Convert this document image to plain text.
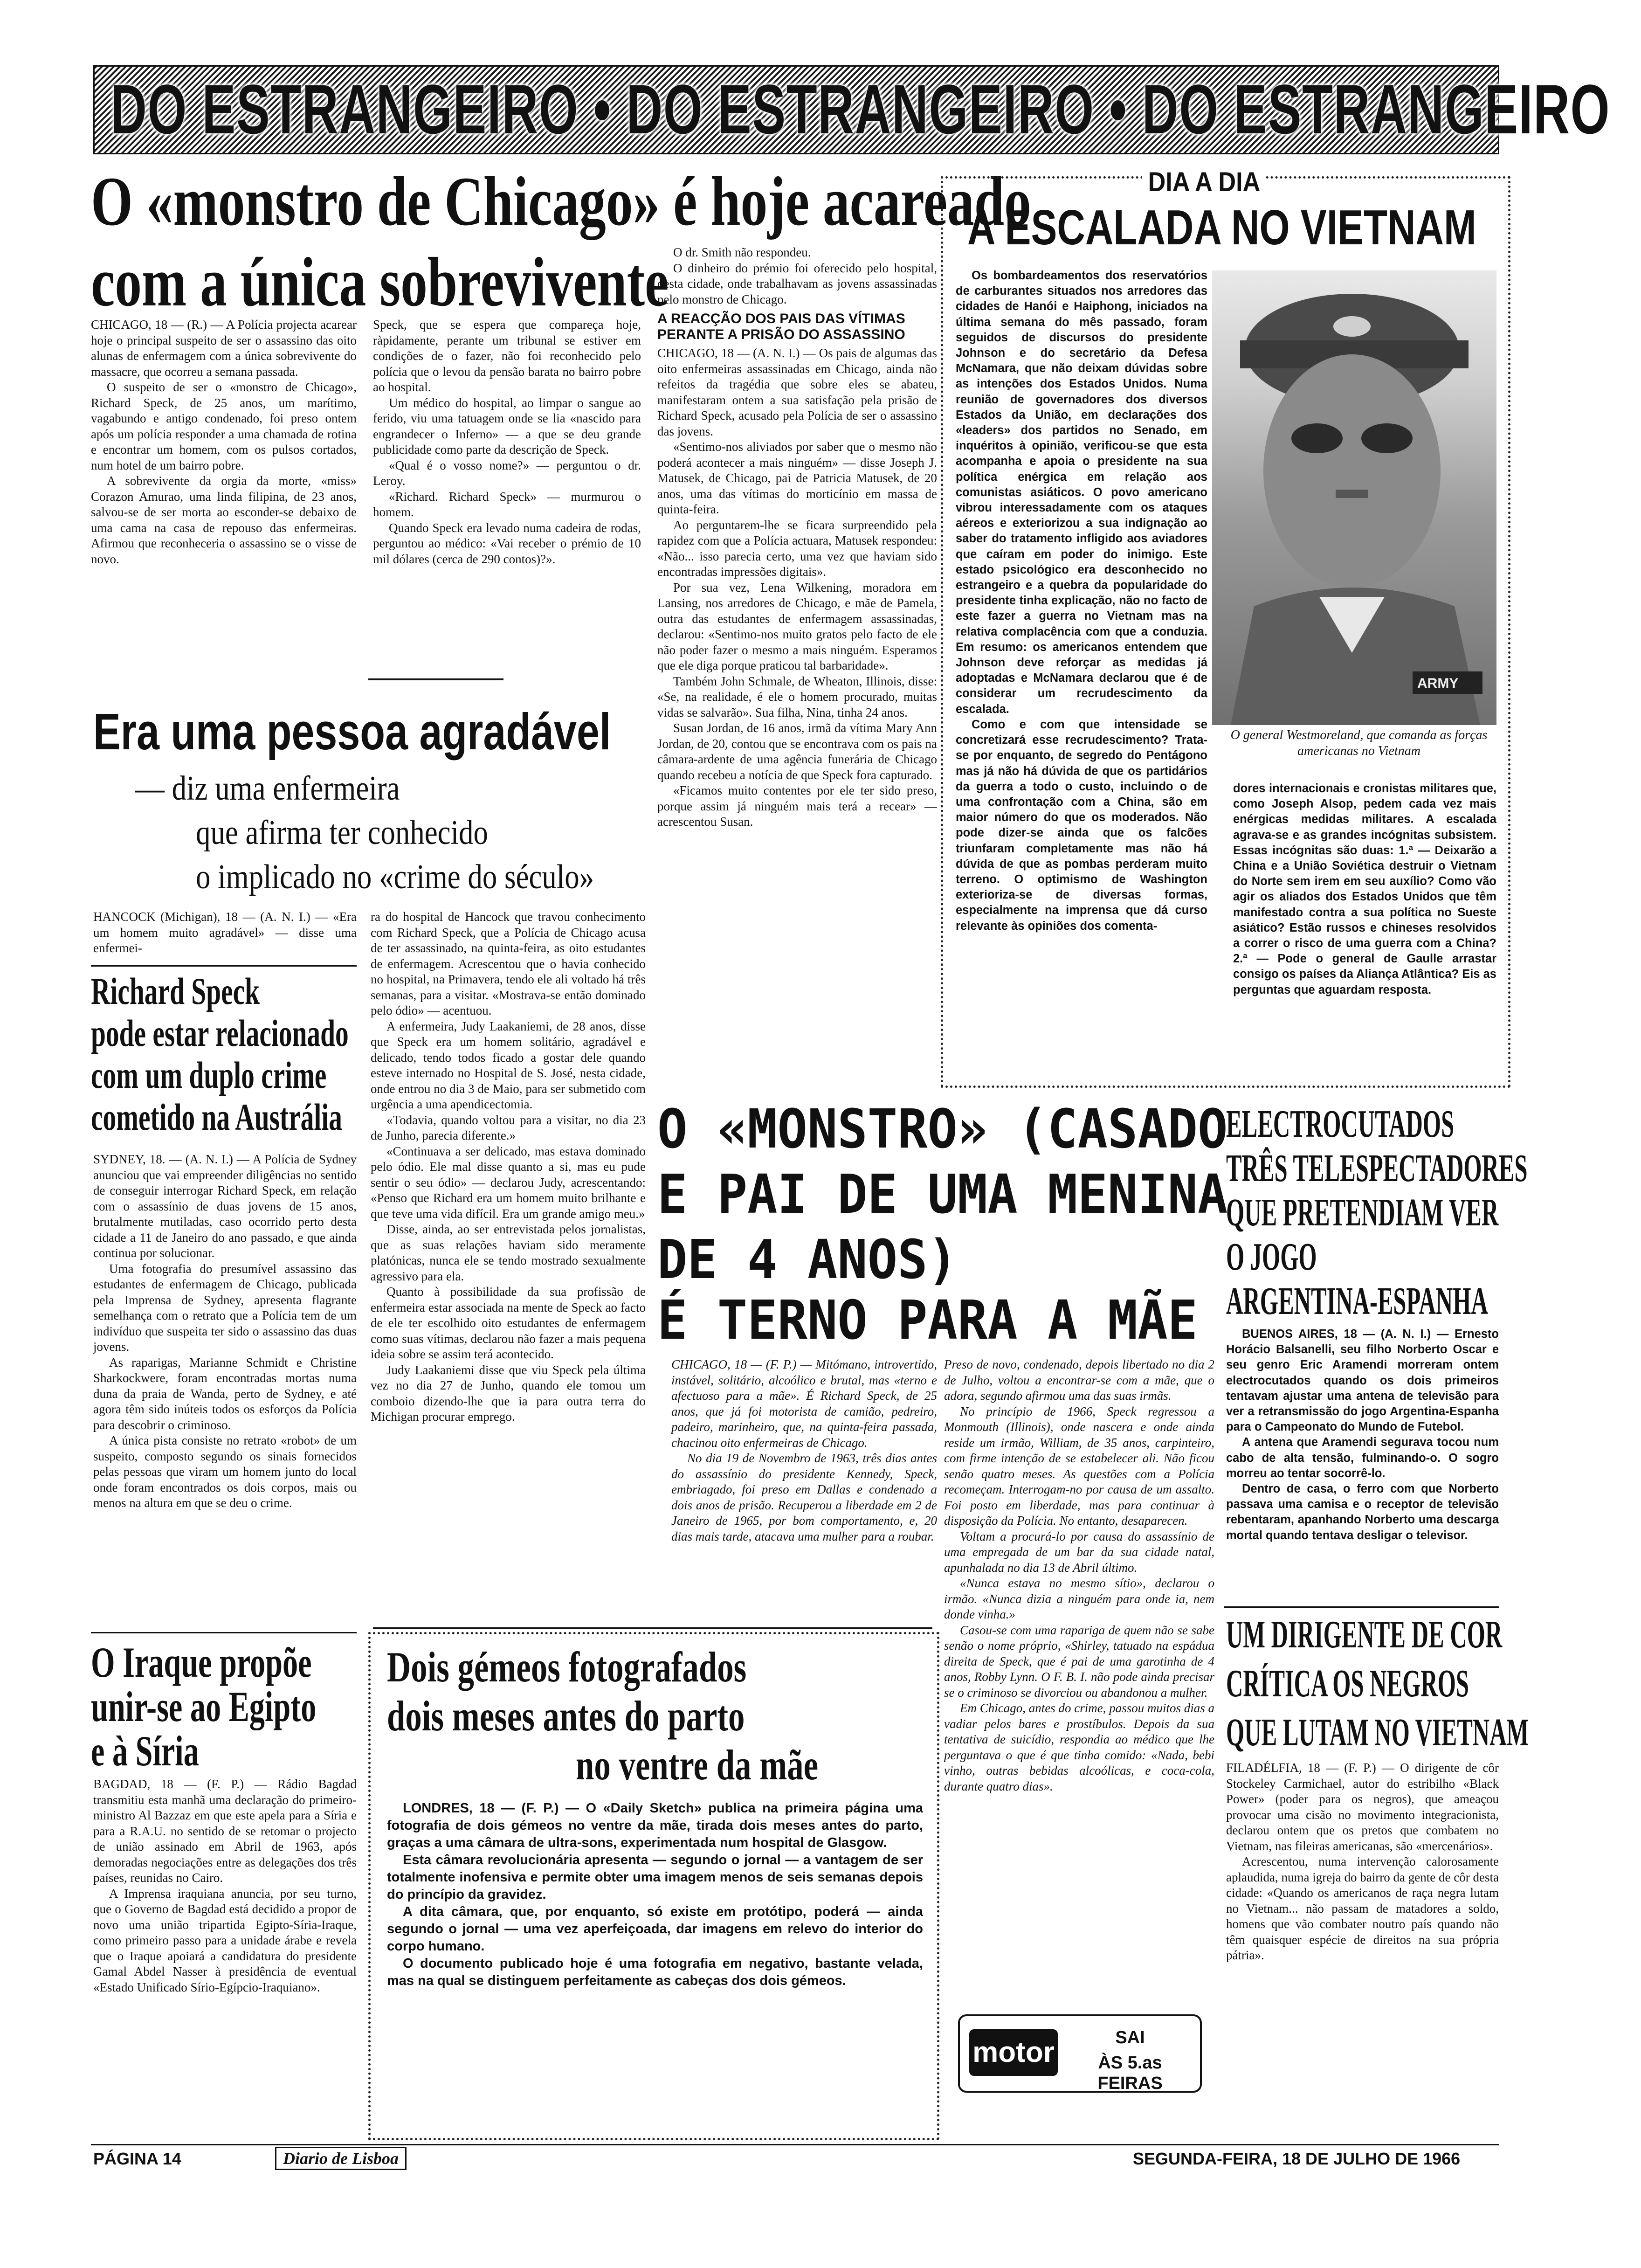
DO ESTRANGEIRO • DO ESTRANGEIRO • DO ESTRANGEIRO
O «monstro de Chicago» é hoje acareado
com a única sobrevivente

CHICAGO, 18 — (R.) — A Polícia projecta acarear hoje o principal suspeito de ser o assassino das oito alunas de enfermagem com a única sobrevivente do massacre, que ocorreu a semana passada.

O suspeito de ser o «monstro de Chicago», Richard Speck, de 25 anos, um marítimo, vagabundo e antigo condenado, foi preso ontem após um polícia responder a uma chamada de rotina e encontrar um homem, com os pulsos cortados, num hotel de um bairro pobre.

A sobrevivente da orgia da morte, «miss» Corazon Amurao, uma linda filipina, de 23 anos, salvou-se de ser morta ao esconder-se debaixo de uma cama na casa de repouso das enfermeiras. Afirmou que reconheceria o assassino se o visse de novo.

Speck, que se espera que compareça hoje, ràpidamente, perante um tribunal se estiver em condições de o fazer, não foi reconhecido pelo polícia que o levou da pensão barata no bairro pobre ao hospital.

Um médico do hospital, ao limpar o sangue ao ferido, viu uma tatuagem onde se lia «nascido para engrandecer o Inferno» — a que se deu grande publicidade como parte da descrição de Speck.

«Qual é o vosso nome?» — perguntou o dr. Leroy.

«Richard. Richard Speck» — murmurou o homem.

Quando Speck era levado numa cadeira de rodas, perguntou ao médico: «Vai receber o prémio de 10 mil dólares (cerca de 290 contos)?».

O dr. Smith não respondeu.

O dinheiro do prémio foi oferecido pelo hospital, desta cidade, onde trabalhavam as jovens assassinadas pelo monstro de Chicago.

A REACÇÃO DOS PAIS DAS VÍTIMAS PERANTE A PRISÃO DO ASSASSINO

CHICAGO, 18 — (A. N. I.) — Os pais de algumas das oito enfermeiras assassinadas em Chicago, ainda não refeitos da tragédia que sobre eles se abateu, manifestaram ontem a sua satisfação pela prisão de Richard Speck, acusado pela Polícia de ser o assassino das jovens.

«Sentimo-nos aliviados por saber que o mesmo não poderá acontecer a mais ninguém» — disse Joseph J. Matusek, de Chicago, pai de Patricia Matusek, de 20 anos, uma das vítimas do morticínio em massa de quinta-feira.

Ao perguntarem-lhe se ficara surpreendido pela rapidez com que a Polícia actuara, Matusek respondeu: «Não... isso parecia certo, uma vez que haviam sido encontradas impressões digitais».

Por sua vez, Lena Wilkening, moradora em Lansing, nos arredores de Chicago, e mãe de Pamela, outra das estudantes de enfermagem assassinadas, declarou: «Sentimo-nos muito gratos pelo facto de ele não poder fazer o mesmo a mais ninguém. Esperamos que ele diga porque praticou tal barbaridade».

Também John Schmale, de Wheaton, Illinois, disse: «Se, na realidade, é ele o homem procurado, muitas vidas se salvarão». Sua filha, Nina, tinha 24 anos.

Susan Jordan, de 16 anos, irmã da vítima Mary Ann Jordan, de 20, contou que se encontrava com os pais na câmara-ardente de uma agência funerária de Chicago quando recebeu a notícia de que Speck fora capturado.

«Ficamos muito contentes por ele ter sido preso, porque assim já ninguém mais terá a recear» — acrescentou Susan.

Era uma pessoa agradável
— diz uma enfermeira
que afirma ter conhecido
o implicado no «crime do século»

HANCOCK (Michigan), 18 — (A. N. I.) — «Era um homem muito agradável» — disse uma enfermei-

ra do hospital de Hancock que travou conhecimento com Richard Speck, que a Polícia de Chicago acusa de ter assassinado, na quinta-feira, as oito estudantes de enfermagem. Acrescentou que o havia conhecido no hospital, na Primavera, tendo ele ali voltado há três semanas, para a visitar. «Mostrava-se então dominado pelo ódio» — acentuou.

A enfermeira, Judy Laakaniemi, de 28 anos, disse que Speck era um homem solitário, agradável e delicado, tendo todos ficado a gostar dele quando esteve internado no Hospital de S. José, nesta cidade, onde entrou no dia 3 de Maio, para ser submetido com urgência a uma apendicectomia.

«Todavia, quando voltou para a visitar, no dia 23 de Junho, parecia diferente.»

«Continuava a ser delicado, mas estava dominado pelo ódio. Ele mal disse quanto a si, mas eu pude sentir o seu ódio» — declarou Judy, acrescentando: «Penso que Richard era um homem muito brilhante e que teve uma vida difícil. Era um grande amigo meu.»

Disse, ainda, ao ser entrevistada pelos jornalistas, que as suas relações haviam sido meramente platónicas, nunca ele se tendo mostrado sexualmente agressivo para ela.

Quanto à possibilidade da sua profissão de enfermeira estar associada na mente de Speck ao facto de ele ter escolhido oito estudantes de enfermagem como suas vítimas, declarou não fazer a mais pequena ideia sobre se assim terá acontecido.

Judy Laakaniemi disse que viu Speck pela última vez no dia 27 de Junho, quando ele tomou um comboio dizendo-lhe que ia para outra terra do Michigan procurar emprego.

Richard Speck
pode estar relacionado
com um duplo crime
cometido na Austrália

SYDNEY, 18. — (A. N. I.) — A Polícia de Sydney anunciou que vai empreender diligências no sentido de conseguir interrogar Richard Speck, em relação com o assassínio de duas jovens de 15 anos, brutalmente mutiladas, caso ocorrido perto desta cidade a 11 de Janeiro do ano passado, e que ainda continua por solucionar.

Uma fotografia do presumível assassino das estudantes de enfermagem de Chicago, publicada pela Imprensa de Sydney, apresenta flagrante semelhança com o retrato que a Polícia tem de um indivíduo que suspeita ter sido o assassino das duas jovens.

As raparigas, Marianne Schmidt e Christine Sharkockwere, foram encontradas mortas numa duna da praia de Wanda, perto de Sydney, e até agora têm sido inúteis todos os esforços da Polícia para descobrir o criminoso.

A única pista consiste no retrato «robot» de um suspeito, composto segundo os sinais fornecidos pelas pessoas que viram um homem junto do local onde foram encontrados os dois corpos, mais ou menos na altura em que se deu o crime.

O Iraque propõe
unir-se ao Egipto
e à Síria

BAGDAD, 18 — (F. P.) — Rádio Bagdad transmitiu esta manhã uma declaração do primeiro-ministro Al Bazzaz em que este apela para a Síria e para a R.A.U. no sentido de se retomar o projecto de união assinado em Abril de 1963, após demoradas negociações entre as delegações dos três países, reunidas no Cairo.

A Imprensa iraquiana anuncia, por seu turno, que o Governo de Bagdad está decidido a propor de novo uma união tripartida Egipto-Síria-Iraque, como primeiro passo para a unidade árabe e revela que o Iraque apoiará a candidatura do presidente Gamal Abdel Nasser à presidência de eventual «Estado Unificado Sírio-Egípcio-Iraquiano».

Dois gémeos fotografados
dois meses antes do parto
no ventre da mãe

LONDRES, 18 — (F. P.) — O «Daily Sketch» publica na primeira página uma fotografia de dois gémeos no ventre da mãe, tirada dois meses antes do parto, graças a uma câmara de ultra-sons, experimentada num hospital de Glasgow.

Esta câmara revolucionária apresenta — segundo o jornal — a vantagem de ser totalmente inofensiva e permite obter uma imagem menos de seis semanas depois do princípio da gravidez.

A dita câmara, que, por enquanto, só existe em protótipo, poderá — ainda segundo o jornal — uma vez aperfeiçoada, dar imagens em relevo do interior do corpo humano.

O documento publicado hoje é uma fotografia em negativo, bastante velada, mas na qual se distinguem perfeitamente as cabeças dos dois gémeos.

DIA A DIA
A ESCALADA NO VIETNAM

Os bombardeamentos dos reservatórios de carburantes situados nos arredores das cidades de Hanói e Haiphong, iniciados na última semana do mês passado, foram seguidos de discursos do presidente Johnson e do secretário da Defesa McNamara, que não deixam dúvidas sobre as intenções dos Estados Unidos. Numa reunião de governadores dos diversos Estados da União, em declarações dos «leaders» dos partidos no Senado, em inquéritos à opinião, verificou-se que esta acompanha e apoia o presidente na sua política enérgica em relação aos comunistas asiáticos. O povo americano vibrou interessadamente com os ataques aéreos e exteriorizou a sua indignação ao saber do tratamento infligido aos aviadores que caíram em poder do inimigo. Este estado psicológico era desconhecido no estrangeiro e a quebra da popularidade do presidente tinha explicação, não no facto de este fazer a guerra no Vietnam mas na relativa complacência com que a conduzia. Em resumo: os americanos entendem que Johnson deve reforçar as medidas já adoptadas e McNamara declarou que é de considerar um recrudescimento da escalada.

Como e com que intensidade se concretizará esse recrudescimento? Trata-se por enquanto, de segredo do Pentágono mas já não há dúvida de que os partidários da guerra a todo o custo, incluindo o de uma confrontação com a China, são em maior número do que os moderados. Não pode dizer-se ainda que os falcões triunfaram completamente mas não há dúvida de que as pombas perderam muito terreno. O optimismo de Washington exterioriza-se de diversas formas, especialmente na imprensa que dá curso relevante às opiniões dos comenta-

ARMY
O general Westmoreland, que comanda as forças americanas no Vietnam

dores internacionais e cronistas militares que, como Joseph Alsop, pedem cada vez mais enérgicas medidas militares. A escalada agrava-se e as grandes incógnitas subsistem. Essas incógnitas são duas: 1.ª — Deixarão a China e a União Soviética destruir o Vietnam do Norte sem irem em seu auxílio? Como vão agir os aliados dos Estados Unidos que têm manifestado contra a sua política no Sueste asiático? Estão russos e chineses resolvidos a correr o risco de uma guerra com a China? 2.ª — Pode o general de Gaulle arrastar consigo os países da Aliança Atlântica? Eis as perguntas que aguardam resposta.

O «MONSTRO» (CASADO
E PAI DE UMA MENINA
DE 4 ANOS)
É TERNO PARA A MÃE

CHICAGO, 18 — (F. P.) — Mitómano, introvertido, instável, solitário, alcoólico e brutal, mas «terno e afectuoso para a mãe». É Richard Speck, de 25 anos, que já foi motorista de camião, pedreiro, padeiro, marinheiro, que, na quinta-feira passada, chacinou oito enfermeiras de Chicago.

No dia 19 de Novembro de 1963, três dias antes do assassínio do presidente Kennedy, Speck, embriagado, foi preso em Dallas e condenado a dois anos de prisão. Recuperou a liberdade em 2 de Janeiro de 1965, por bom comportamento, e, 20 dias mais tarde, atacava uma mulher para a roubar.

Preso de novo, condenado, depois libertado no dia 2 de Julho, voltou a encontrar-se com a mãe, que o adora, segundo afirmou uma das suas irmãs.

No princípio de 1966, Speck regressou a Monmouth (Illinois), onde nascera e onde ainda reside um irmão, William, de 35 anos, carpinteiro, com firme intenção de se estabelecer ali. Não ficou senão quatro meses. As questões com a Polícia recomeçam. Interrogam-no por causa de um assalto. Foi posto em liberdade, mas para continuar à disposição da Polícia. No entanto, desaparecen.

Voltam a procurá-lo por causa do assassínio de uma empregada de um bar da sua cidade natal, apunhalada no dia 13 de Abril último.

«Nunca estava no mesmo sítio», declarou o irmão. «Nunca dizia a ninguém para onde ia, nem donde vinha.»

Casou-se com uma rapariga de quem não se sabe senão o nome próprio, «Shirley, tatuado na espádua direita de Speck, que é pai de uma garotinha de 4 anos, Robby Lynn. O F. B. I. não pode ainda precisar se o criminoso se divorciou ou abandonou a mulher.

Em Chicago, antes do crime, passou muitos dias a vadiar pelos bares e prostíbulos. Depois da sua tentativa de suicídio, respondia ao médico que lhe perguntava o que é que tinha comido: «Nada, bebi vinho, outras bebidas alcoólicas, e coca-cola, durante quatro dias».

ELECTROCUTADOS
TRÊS TELESPECTADORES
QUE PRETENDIAM VER
O JOGO
ARGENTINA-ESPANHA

BUENOS AIRES, 18 — (A. N. I.) — Ernesto Horácio Balsanelli, seu filho Norberto Oscar e seu genro Eric Aramendi morreram ontem electrocutados quando os dois primeiros tentavam ajustar uma antena de televisão para ver a retransmissão do jogo Argentina-Espanha para o Campeonato do Mundo de Futebol.

A antena que Aramendi segurava tocou num cabo de alta tensão, fulminando-o. O sogro morreu ao tentar socorrê-lo.

Dentro de casa, o ferro com que Norberto passava uma camisa e o receptor de televisão rebentaram, apanhando Norberto uma descarga mortal quando tentava desligar o televisor.

UM DIRIGENTE DE COR
CRÍTICA OS NEGROS
QUE LUTAM NO VIETNAM

FILADÉLFIA, 18 — (F. P.) — O dirigente de côr Stockeley Carmichael, autor do estribilho «Black Power» (poder para os negros), que ameaçou provocar uma cisão no movimento integracionista, declarou ontem que os pretos que combatem no Vietnam, nas fileiras americanas, são «mercenários».

Acrescentou, numa intervenção calorosamente aplaudida, numa igreja do bairro da gente de côr desta cidade: «Quando os americanos de raça negra lutam no Vietnam... não passam de matadores a soldo, homens que vão combater noutro país quando não têm quaisquer espécie de direitos na sua própria pátria».

motor	SAI
ÀS 5.as FEIRAS
PÁGINA 14	Diario de Lisboa	SEGUNDA-FEIRA, 18 DE JULHO DE 1966
